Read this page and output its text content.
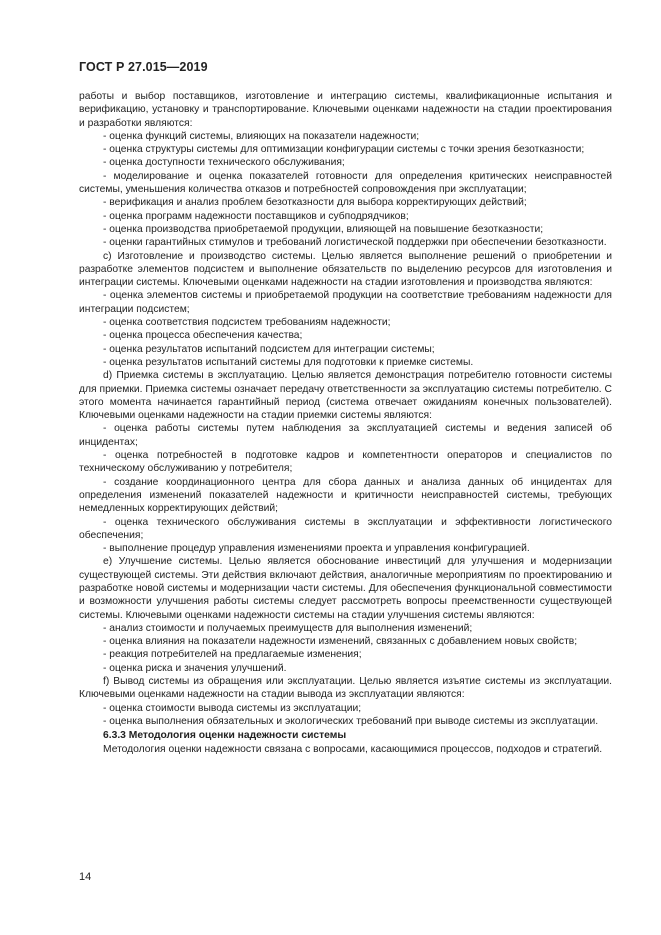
ГОСТ Р 27.015—2019

работы и выбор поставщиков, изготовление и интеграцию системы, квалификационные испытания и верификацию, установку и транспортирование. Ключевыми оценками надежности на стадии проектирования и разработки являются:

- оценка функций системы, влияющих на показатели надежности;

- оценка структуры системы для оптимизации конфигурации системы с точки зрения безотказности;

- оценка доступности технического обслуживания;

- моделирование и оценка показателей готовности для определения критических неисправностей системы, уменьшения количества отказов и потребностей сопровождения при эксплуатации;

- верификация и анализ проблем безотказности для выбора корректирующих действий;

- оценка программ надежности поставщиков и субподрядчиков;

- оценка производства приобретаемой продукции, влияющей на повышение безотказности;

- оценки гарантийных стимулов и требований логистической поддержки при обеспечении безотказности.

c) Изготовление и производство системы. Целью является выполнение решений о приобретении и разработке элементов подсистем и выполнение обязательств по выделению ресурсов для изготовления и интеграции системы. Ключевыми оценками надежности на стадии изготовления и производства являются:

- оценка элементов системы и приобретаемой продукции на соответствие требованиям надежности для интеграции подсистем;

- оценка соответствия подсистем требованиям надежности;

- оценка процесса обеспечения качества;

- оценка результатов испытаний подсистем для интеграции системы;

- оценка результатов испытаний системы для подготовки к приемке системы.

d) Приемка системы в эксплуатацию. Целью является демонстрация потребителю готовности системы для приемки. Приемка системы означает передачу ответственности за эксплуатацию системы потребителю. С этого момента начинается гарантийный период (система отвечает ожиданиям конечных пользователей). Ключевыми оценками надежности на стадии приемки системы являются:

- оценка работы системы путем наблюдения за эксплуатацией системы и ведения записей об инцидентах;

- оценка потребностей в подготовке кадров и компетентности операторов и специалистов по техническому обслуживанию у потребителя;

- создание координационного центра для сбора данных и анализа данных об инцидентах для определения изменений показателей надежности и критичности неисправностей системы, требующих немедленных корректирующих действий;

- оценка технического обслуживания системы в эксплуатации и эффективности логистического обеспечения;

- выполнение процедур управления изменениями проекта и управления конфигурацией.

e) Улучшение системы. Целью является обоснование инвестиций для улучшения и модернизации существующей системы. Эти действия включают действия, аналогичные мероприятиям по проектированию и разработке новой системы и модернизации части системы. Для обеспечения функциональной совместимости и возможности улучшения работы системы следует рассмотреть вопросы преемственности существующей системы. Ключевыми оценками надежности системы на стадии улучшения системы являются:

- анализ стоимости и получаемых преимуществ для выполнения изменений;

- оценка влияния на показатели надежности изменений, связанных с добавлением новых свойств;

- реакция потребителей на предлагаемые изменения;

- оценка риска и значения улучшений.

f) Вывод системы из обращения или эксплуатации. Целью является изъятие системы из эксплуатации. Ключевыми оценками надежности на стадии вывода из эксплуатации являются:

- оценка стоимости вывода системы из эксплуатации;

- оценка выполнения обязательных и экологических требований при выводе системы из эксплуатации.

6.3.3 Методология оценки надежности системы

Методология оценки надежности связана с вопросами, касающимися процессов, подходов и стратегий.

14
